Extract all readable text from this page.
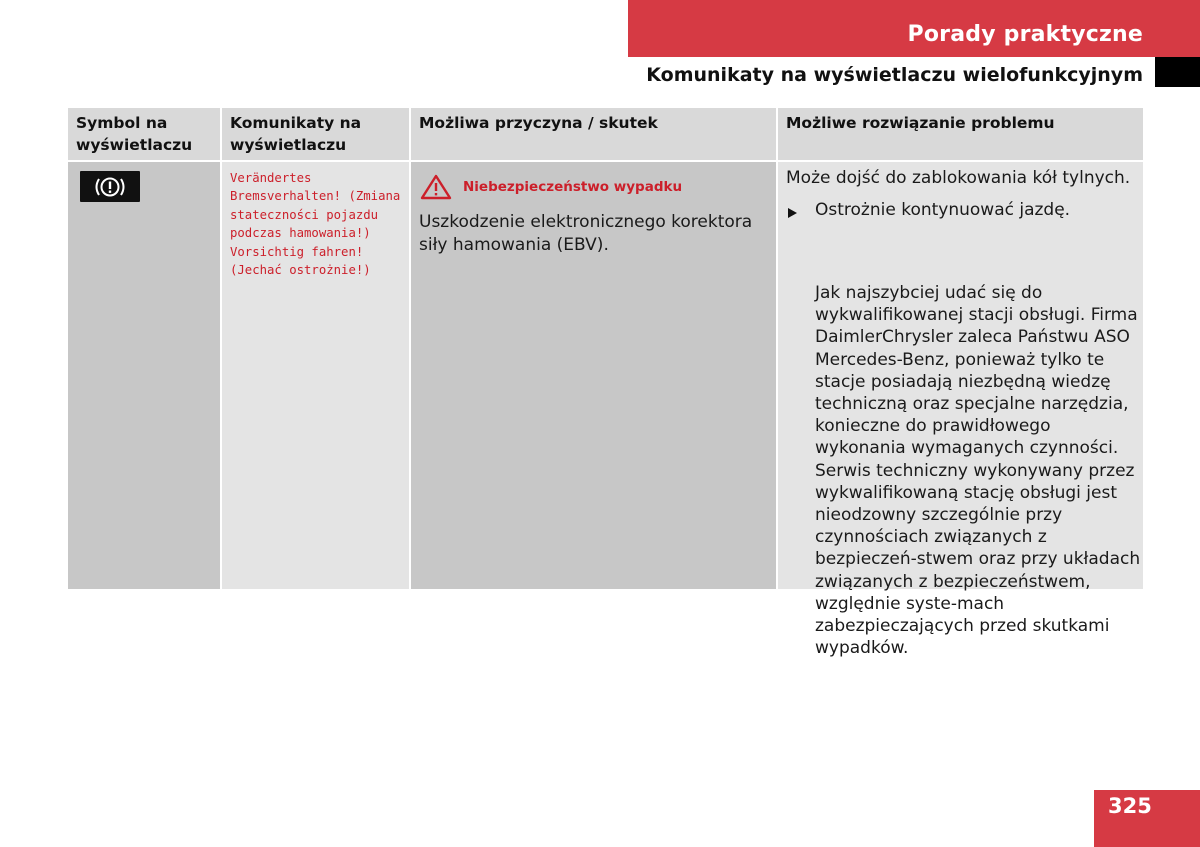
Porady praktyczne
Komunikaty na wyświetlaczu wielofunkcyjnym
Symbol na wyświetlaczu
Komunikaty na wyświetlaczu
Możliwa przyczyna / skutek	Możliwe rozwiązanie problemu
Verändertes
Bremsverhalten! (Zmiana
stateczności pojazdu
podczas hamowania!)
Vorsichtig fahren!
(Jechać ostrożnie!)
Niebezpieczeństwo wypadku
Uszkodzenie elektronicznego korektora siły hamowania (EBV).
Może dojść do zablokowania kół tylnych.
Ostrożnie kontynuować jazdę.
Jak najszybciej udać się do wykwalifikowanej stacji obsługi. Firma DaimlerChrysler zaleca Państwu ASO Mercedes-Benz, ponieważ tylko te stacje posiadają niezbędną wiedzę techniczną oraz specjalne narzędzia, konieczne do prawidłowego wykonania wymaganych czynności. Serwis techniczny wykonywany przez wykwalifikowaną stację obsługi jest nieodzowny szczególnie przy czynnościach związanych z bezpieczeń-stwem oraz przy układach związanych z bezpieczeństwem, względnie syste-mach zabezpieczających przed skutkami wypadków.
325
